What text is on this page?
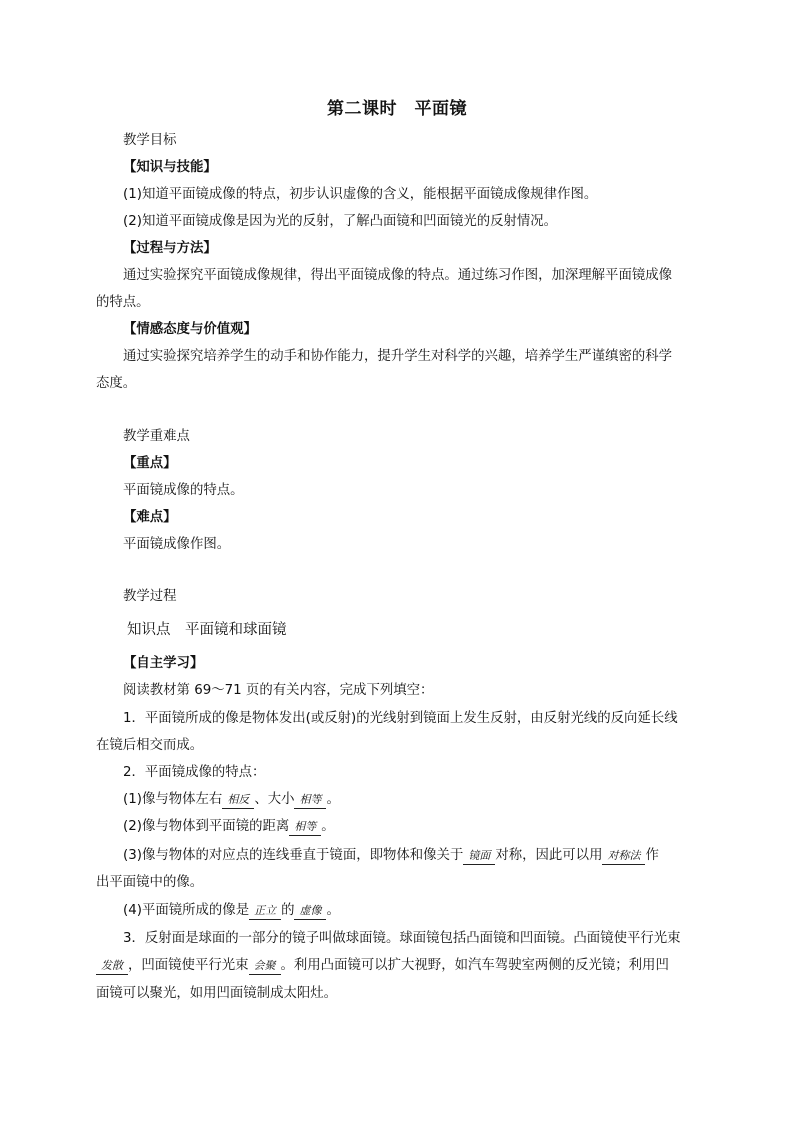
第二课时　平面镜
教学目标
【知识与技能】
(1)知道平面镜成像的特点，初步认识虚像的含义，能根据平面镜成像规律作图。
(2)知道平面镜成像是因为光的反射，了解凸面镜和凹面镜光的反射情况。
【过程与方法】
通过实验探究平面镜成像规律，得出平面镜成像的特点。通过练习作图，加深理解平面镜成像
的特点。
【情感态度与价值观】
通过实验探究培养学生的动手和协作能力，提升学生对科学的兴趣，培养学生严谨缜密的科学
态度。
教学重难点
【重点】
平面镜成像的特点。
【难点】
平面镜成像作图。
教学过程
知识点　平面镜和球面镜
【自主学习】
阅读教材第 69～71 页的有关内容，完成下列填空：
1．平面镜所成的像是物体发出(或反射)的光线射到镜面上发生反射，由反射光线的反向延长线
在镜后相交而成。
2．平面镜成像的特点：
(1)像与物体左右 相反 、大小 相等 。
(2)像与物体到平面镜的距离 相等 。
(3)像与物体的对应点的连线垂直于镜面，即物体和像关于 镜面 对称，因此可以用 对称法 作
出平面镜中的像。
(4)平面镜所成的像是 正立 的 虚像 。
3．反射面是球面的一部分的镜子叫做球面镜。球面镜包括凸面镜和凹面镜。凸面镜使平行光束
发散 ，凹面镜使平行光束 会聚 。利用凸面镜可以扩大视野，如汽车驾驶室两侧的反光镜；利用凹
面镜可以聚光，如用凹面镜制成太阳灶。
